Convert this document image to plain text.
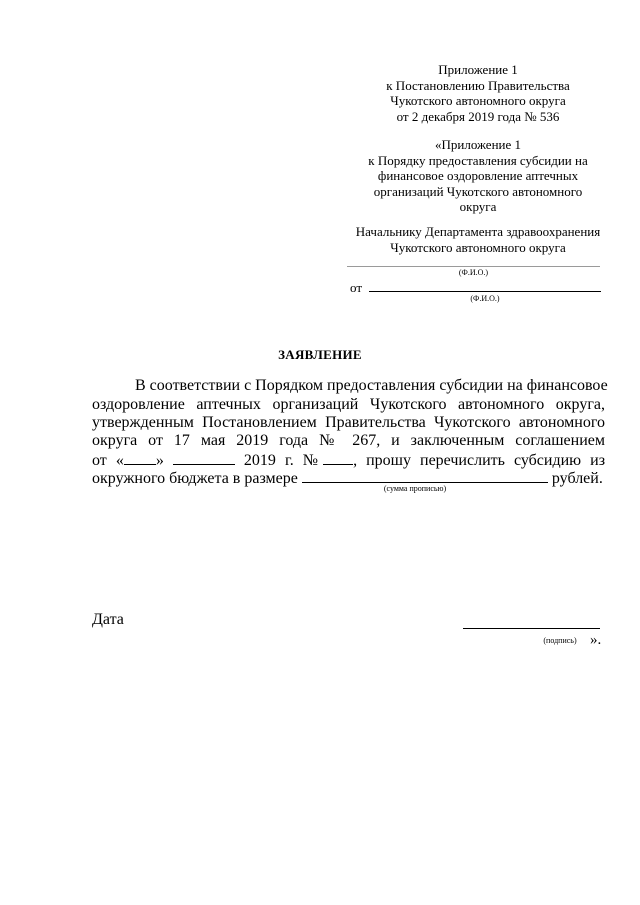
Приложение 1
к Постановлению Правительства
Чукотского автономного округа
от 2 декабря 2019 года № 536
«Приложение 1
к Порядку предоставления субсидии на
финансовое оздоровление аптечных
организаций Чукотского автономного
округа
Начальнику Департамента здравоохранения
Чукотского автономного округа
(Ф.И.О.)
от
(Ф.И.О.)
ЗАЯВЛЕНИЕ
В соответствии с Порядком предоставления субсидии на финансовое
оздоровление аптечных организаций Чукотского автономного округа,
утвержденным Постановлением Правительства Чукотского автономного
округа от 17 мая 2019 года № 267, и заключенным соглашением
от « »	2019 г. № , прошу перечислить субсидию из
окружного бюджета в размере	рублей.
(сумма прописью)
Дата
(подпись) ».
